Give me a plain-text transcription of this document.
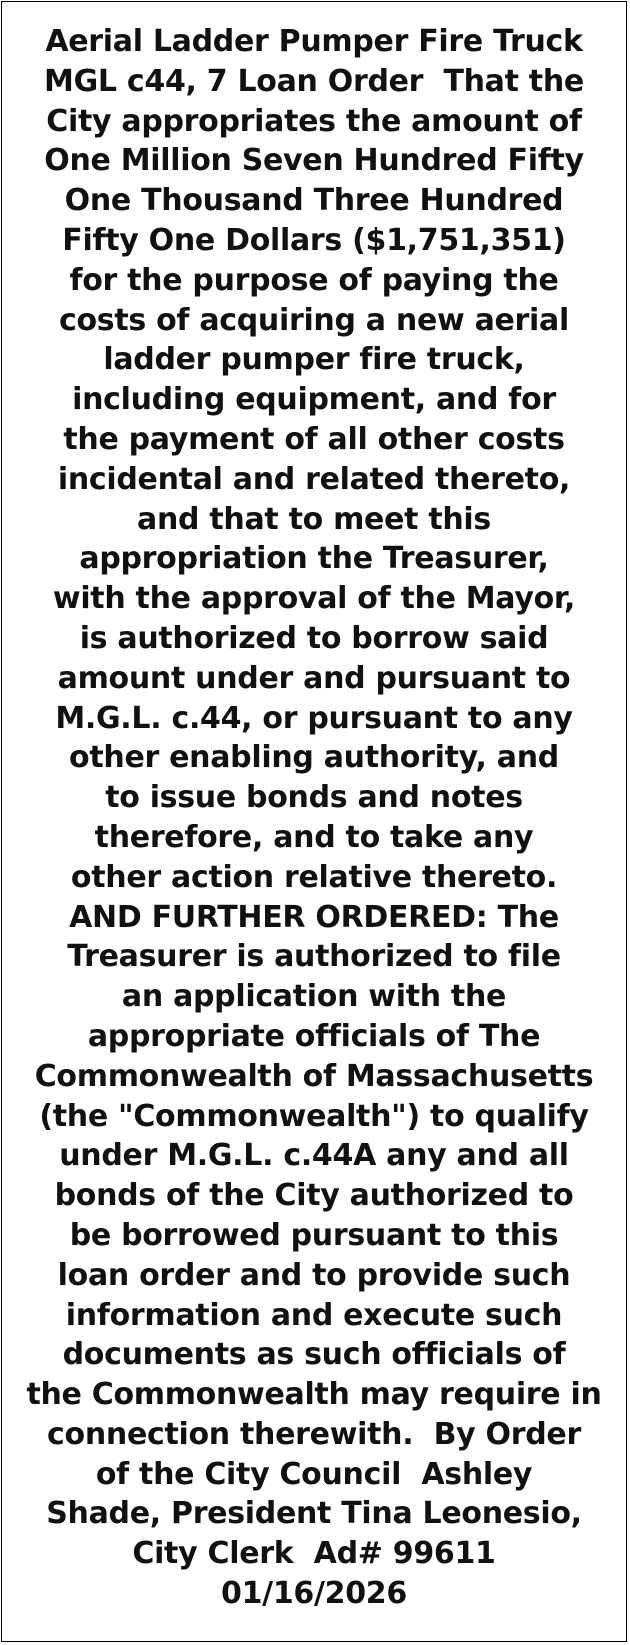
Aerial Ladder Pumper Fire Truck
MGL c44, 7 Loan Order  That the
City appropriates the amount of
One Million Seven Hundred Fifty
One Thousand Three Hundred
Fifty One Dollars ($1,751,351)
for the purpose of paying the
costs of acquiring a new aerial
ladder pumper fire truck,
including equipment, and for
the payment of all other costs
incidental and related thereto,
and that to meet this
appropriation the Treasurer,
with the approval of the Mayor,
is authorized to borrow said
amount under and pursuant to
M.G.L. c.44, or pursuant to any
other enabling authority, and
to issue bonds and notes
therefore, and to take any
other action relative thereto.
AND FURTHER ORDERED: The
Treasurer is authorized to file
an application with the
appropriate officials of The
Commonwealth of Massachusetts
(the "Commonwealth") to qualify
under M.G.L. c.44A any and all
bonds of the City authorized to
be borrowed pursuant to this
loan order and to provide such
information and execute such
documents as such officials of
the Commonwealth may require in
connection therewith.  By Order
of the City Council  Ashley
Shade, President Tina Leonesio,
City Clerk  Ad# 99611
01/16/2026
